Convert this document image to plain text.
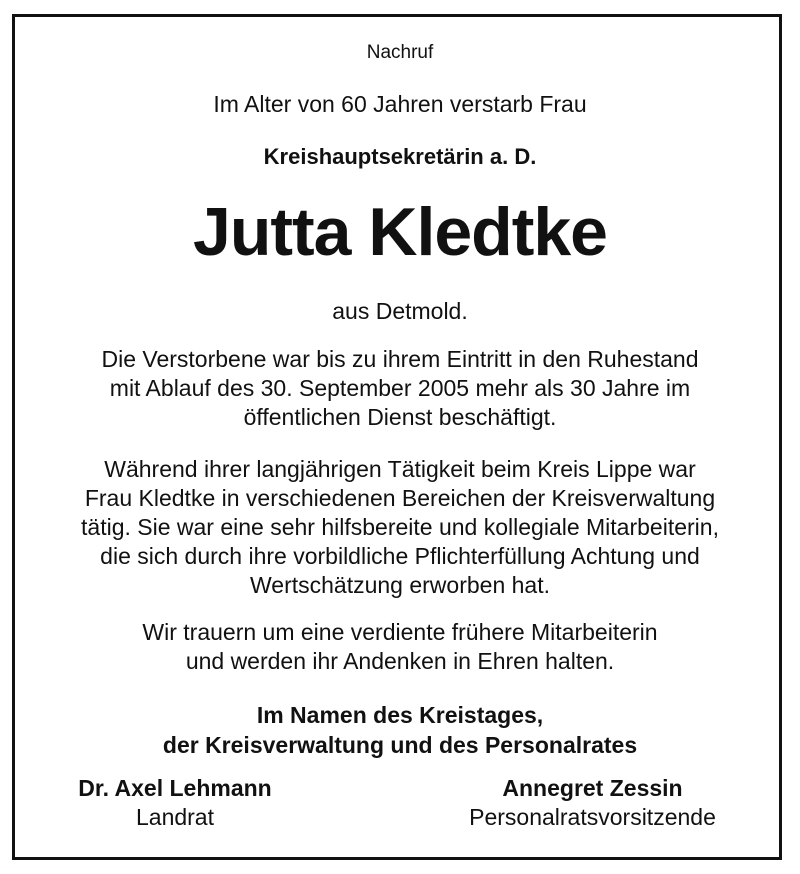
Nachruf
Im Alter von 60 Jahren verstarb Frau
Kreishauptsekretärin a. D.
Jutta Kledtke
aus Detmold.
Die Verstorbene war bis zu ihrem Eintritt in den Ruhestand
mit Ablauf des 30. September 2005 mehr als 30 Jahre im
öffentlichen Dienst beschäftigt.
Während ihrer langjährigen Tätigkeit beim Kreis Lippe war
Frau Kledtke in verschiedenen Bereichen der Kreisverwaltung
tätig. Sie war eine sehr hilfsbereite und kollegiale Mitarbeiterin,
die sich durch ihre vorbildliche Pflichterfüllung Achtung und
Wertschätzung erworben hat.
Wir trauern um eine verdiente frühere Mitarbeiterin
und werden ihr Andenken in Ehren halten.
Im Namen des Kreistages,
der Kreisverwaltung und des Personalrates
Dr. Axel Lehmann
Landrat
Annegret Zessin
Personalratsvorsitzende
